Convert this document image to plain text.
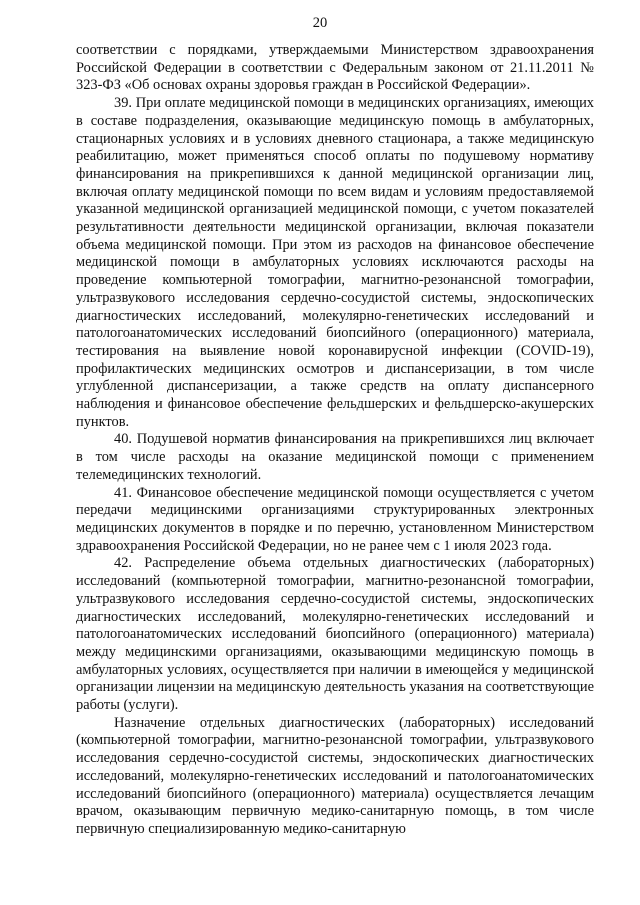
20

соответствии с порядками, утверждаемыми Министерством здравоохранения Российской Федерации в соответствии с Федеральным законом от 21.11.2011 № 323-ФЗ «Об основах охраны здоровья граждан в Российской Федерации».

39. При оплате медицинской помощи в медицинских организациях, имеющих в составе подразделения, оказывающие медицинскую помощь в амбулаторных, стационарных условиях и в условиях дневного стационара, а также медицинскую реабилитацию, может применяться способ оплаты по подушевому нормативу финансирования на прикрепившихся к данной медицинской организации лиц, включая оплату медицинской помощи по всем видам и условиям предоставляемой указанной медицинской организацией медицинской помощи, с учетом показателей результативности деятельности медицинской организации, включая показатели объема медицинской помощи. При этом из расходов на финансовое обеспечение медицинской помощи в амбулаторных условиях исключаются расходы на проведение компьютерной томографии, магнитно-резонансной томографии, ультразвукового исследования сердечно-сосудистой системы, эндоскопических диагностических исследований, молекулярно-генетических исследований и патологоанатомических исследований биопсийного (операционного) материала, тестирования на выявление новой коронавирусной инфекции (COVID-19), профилактических медицинских осмотров и диспансеризации, в том числе углубленной диспансеризации, а также средств на оплату диспансерного наблюдения и финансовое обеспечение фельдшерских и фельдшерско-акушерских пунктов.

40. Подушевой норматив финансирования на прикрепившихся лиц включает в том числе расходы на оказание медицинской помощи с применением телемедицинских технологий.

41. Финансовое обеспечение медицинской помощи осуществляется с учетом передачи медицинскими организациями структурированных электронных медицинских документов в порядке и по перечню, установленном Министерством здравоохранения Российской Федерации, но не ранее чем с 1 июля 2023 года.

42. Распределение объема отдельных диагностических (лабораторных) исследований (компьютерной томографии, магнитно-резонансной томографии, ультразвукового исследования сердечно-сосудистой системы, эндоскопических диагностических исследований, молекулярно-генетических исследований и патологоанатомических исследований биопсийного (операционного) материала) между медицинскими организациями, оказывающими медицинскую помощь в амбулаторных условиях, осуществляется при наличии в имеющейся у медицинской организации лицензии на медицинскую деятельность указания на соответствующие работы (услуги).

Назначение отдельных диагностических (лабораторных) исследований (компьютерной томографии, магнитно-резонансной томографии, ультразвукового исследования сердечно-сосудистой системы, эндоскопических диагностических исследований, молекулярно-генетических исследований и патологоанатомических исследований биопсийного (операционного) материала) осуществляется лечащим врачом, оказывающим первичную медико-санитарную помощь, в том числе первичную специализированную медико-санитарную
